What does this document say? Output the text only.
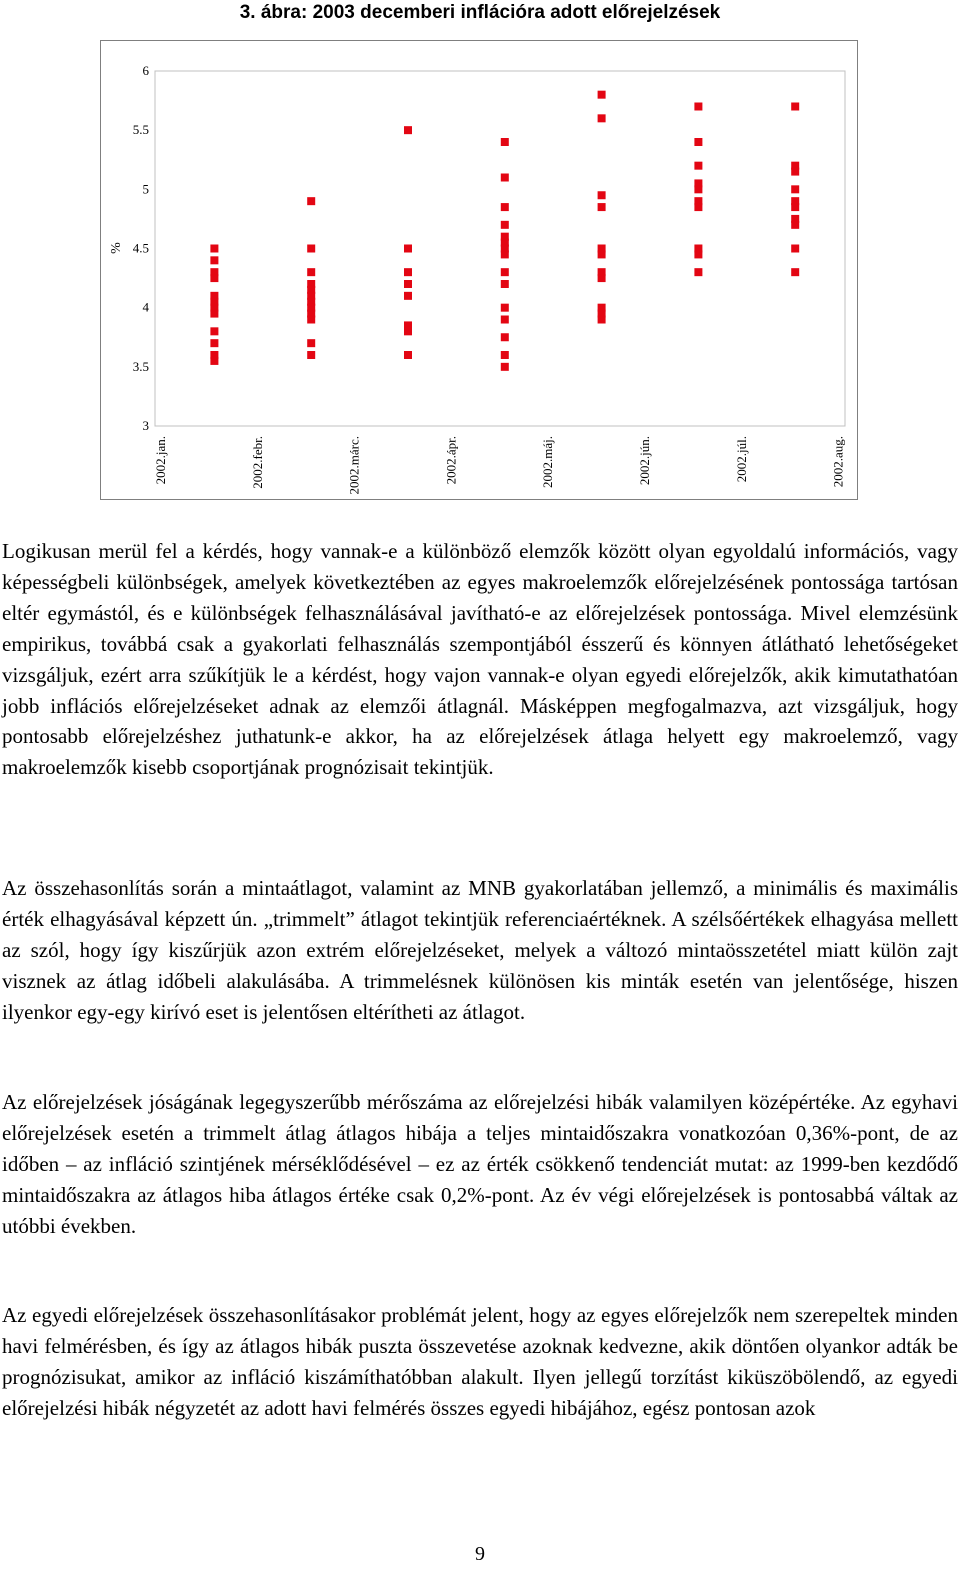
3. ábra: 2003 decemberi inflációra adott előrejelzések
%
6
5.5
5
4.5
4
3.5
3
2002.jan.	2002.febr.	2002.márc.	2002.ápr.	2002.máj.	2002.jún.	2002.júl.	2002.aug.

Logikusan merül fel a kérdés, hogy vannak-e a különböző elemzők között olyan egyoldalú információs, vagy képességbeli különbségek, amelyek következtében az egyes makroelemzők előrejelzésének pontossága tartósan eltér egymástól, és e különbségek felhasználásával javítható-e az előrejelzések pontossága. Mivel elemzésünk empirikus, továbbá csak a gyakorlati felhasználás szempontjából ésszerű és könnyen átlátható lehetőségeket vizsgáljuk, ezért arra szűkítjük le a kérdést, hogy vajon vannak-e olyan egyedi előrejelzők, akik kimutathatóan jobb inflációs előrejelzéseket adnak az elemzői átlagnál. Másképpen megfogalmazva, azt vizsgáljuk, hogy pontosabb előrejelzéshez juthatunk-e akkor, ha az előrejelzések átlaga helyett egy makroelemző, vagy makroelemzők kisebb csoportjának prognózisait tekintjük.

Az összehasonlítás során a mintaátlagot, valamint az MNB gyakorlatában jellemző, a minimális és maximális érték elhagyásával képzett ún. „trimmelt” átlagot tekintjük referenciaértéknek. A szélsőértékek elhagyása mellett az szól, hogy így kiszűrjük azon extrém előrejelzéseket, melyek a változó mintaösszetétel miatt külön zajt visznek az átlag időbeli alakulásába. A trimmelésnek különösen kis minták esetén van jelentősége, hiszen ilyenkor egy-egy kirívó eset is jelentősen eltérítheti az átlagot.

Az előrejelzések jóságának legegyszerűbb mérőszáma az előrejelzési hibák valamilyen középértéke. Az egyhavi előrejelzések esetén a trimmelt átlag átlagos hibája a teljes mintaidőszakra vonatkozóan 0,36%-pont, de az időben – az infláció szintjének mérséklődésével – ez az érték csökkenő tendenciát mutat: az 1999-ben kezdődő mintaidőszakra az átlagos hiba átlagos értéke csak 0,2%-pont. Az év végi előrejelzések is pontosabbá váltak az utóbbi években.

Az egyedi előrejelzések összehasonlításakor problémát jelent, hogy az egyes előrejelzők nem szerepeltek minden havi felmérésben, és így az átlagos hibák puszta összevetése azoknak kedvezne, akik döntően olyankor adták be prognózisukat, amikor az infláció kiszámíthatóbban alakult. Ilyen jellegű torzítást kiküszöbölendő, az egyedi előrejelzési hibák négyzetét az adott havi felmérés összes egyedi hibájához, egész pontosan azok

9
